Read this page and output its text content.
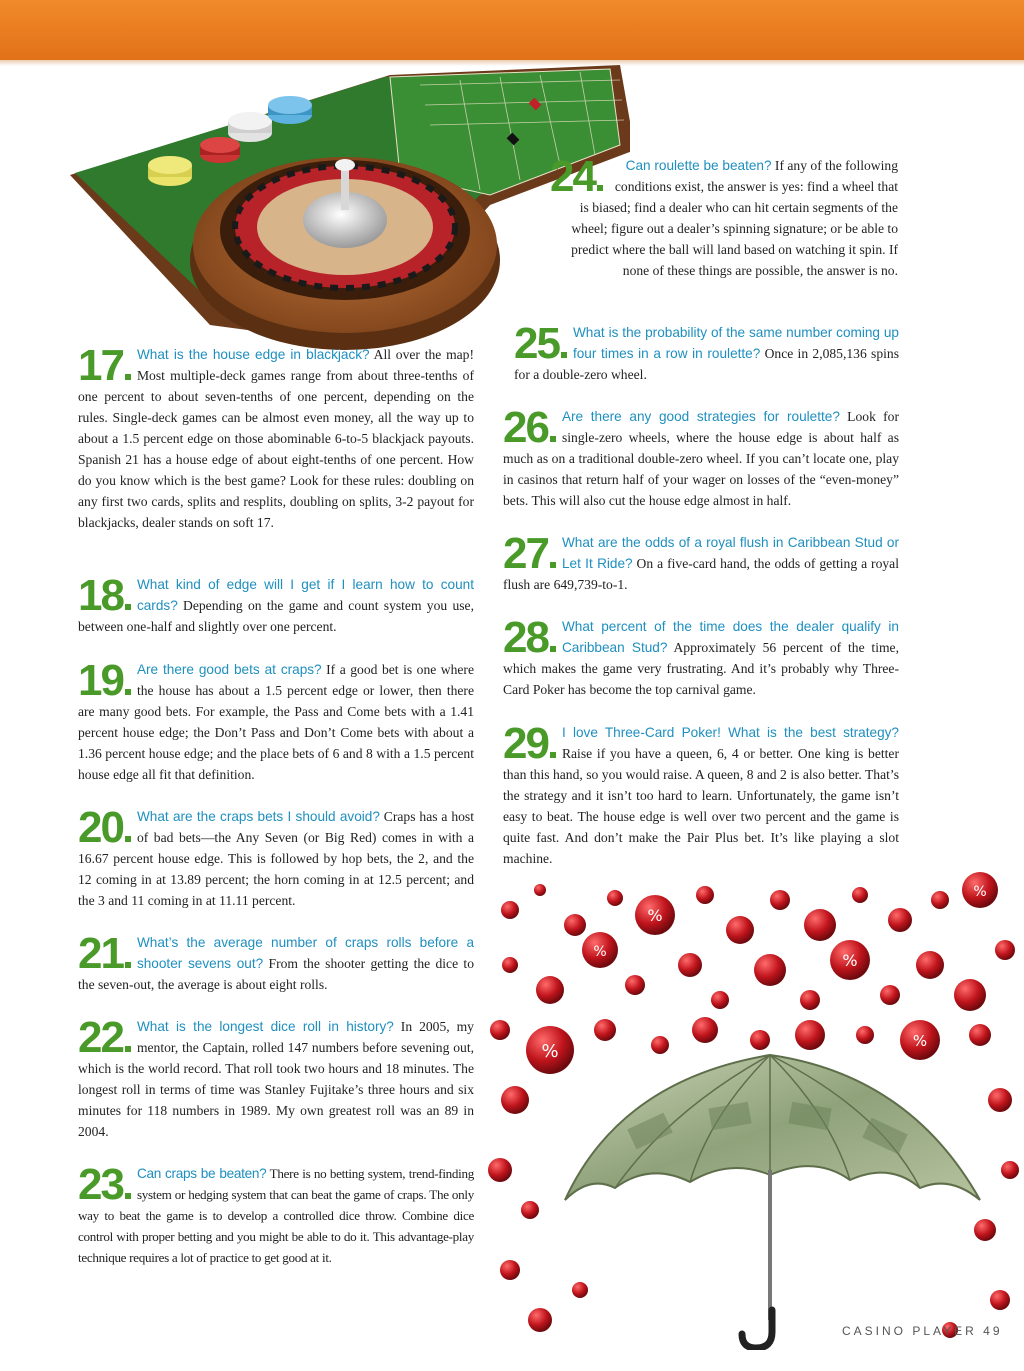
17	What is the house edge in blackjack? All over the map! Most multiple-deck games range from about three-tenths of one percent to about seven-tenths of one percent, depending on the rules. Single-deck games can be almost even money, all the way up to about a 1.5 percent edge on those abominable 6-to-5 blackjack payouts. Spanish 21 has a house edge of about eight-tenths of one percent. How do you know which is the best game? Look for these rules: doubling on any first two cards, splits and resplits, doubling on splits, 3-2 payout for blackjacks, dealer stands on soft 17.
18	What kind of edge will I get if I learn how to count cards? Depending on the game and count system you use, between one-half and slightly over one percent.
19	Are there good bets at craps? If a good bet is one where the house has about a 1.5 percent edge or lower, then there are many good bets. For example, the Pass and Come bets with a 1.41 percent house edge; the Don’t Pass and Don’t Come bets with about a 1.36 percent house edge; and the place bets of 6 and 8 with a 1.5 percent house edge all fit that definition.
20	What are the craps bets I should avoid? Craps has a host of bad bets—the Any Seven (or Big Red) comes in with a 16.67 percent house edge. This is followed by hop bets, the 2, and the 12 coming in at 13.89 percent; the horn coming in at 12.5 percent; and the 3 and 11 coming in at 11.11 percent.
21	What’s the average number of craps rolls before a shooter sevens out? From the shooter getting the dice to the seven-out, the average is about eight rolls.
22	What is the longest dice roll in history? In 2005, my mentor, the Captain, rolled 147 numbers before sevening out, which is the world record. That roll took two hours and 18 minutes. The longest roll in terms of time was Stanley Fujitake’s three hours and six minutes for 118 numbers in 1989. My own greatest roll was an 89 in 2004.
23	Can craps be beaten? There is no betting system, trend-finding system or hedging system that can beat the game of craps. The only way to beat the game is to develop a controlled dice throw. Combine dice control with proper betting and you might be able to do it. This advantage-play technique requires a lot of practice to get good at it.
24	Can roulette be beaten? If any of the following conditions exist, the answer is yes: find a wheel that is biased; find a dealer who can hit certain segments of the wheel; figure out a dealer’s spinning signature; or be able to predict where the ball will land based on watching it spin. If none of these things are possible, the answer is no.
25	What is the probability of the same number coming up four times in a row in roulette? Once in 2,085,136 spins for a double-zero wheel.
26	Are there any good strategies for roulette? Look for single-zero wheels, where the house edge is about half as much as on a traditional double-zero wheel. If you can’t locate one, play in casinos that return half of your wager on losses of the “even-money” bets. This will also cut the house edge almost in half.
27	What are the odds of a royal flush in Caribbean Stud or Let It Ride? On a five-card hand, the odds of getting a royal flush are 649,739-to-1.
28	What percent of the time does the dealer qualify in Caribbean Stud? Approximately 56 percent of the time, which makes the game very frustrating. And it’s probably why Three-Card Poker has become the top carnival game.
29	I love Three-Card Poker! What is the best strategy? Raise if you have a queen, 6, 4 or better. One king is better than this hand, so you would raise. A queen, 8 and 2 is also better. That’s the strategy and it isn’t too hard to learn. Unfortunately, the game isn’t easy to beat. The house edge is well over two percent and the game is quite fast. And don’t make the Pair Plus bet. It’s like playing a slot machine.
%
%
%	%
%	%
CASINO PLAYER 49
